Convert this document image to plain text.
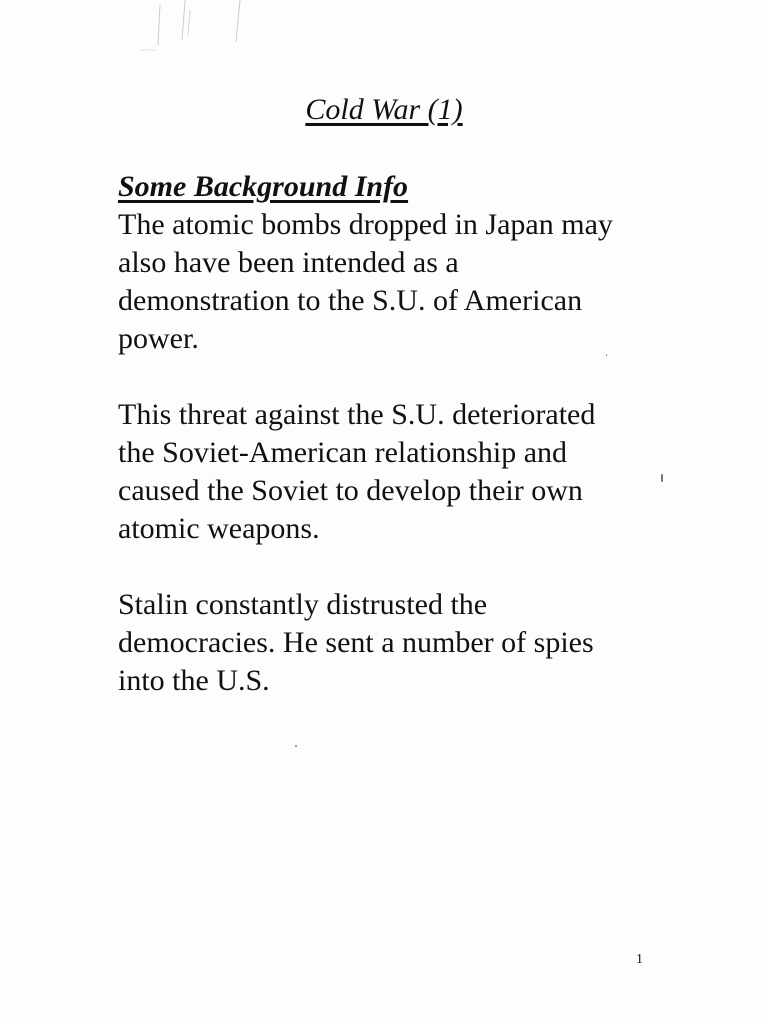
Cold War (1)
Some Background Info

The atomic bombs dropped in Japan may
also have been intended as a
demonstration to the S.U. of American
power.

This threat against the S.U. deteriorated
the Soviet-American relationship and
caused the Soviet to develop their own
atomic weapons.

Stalin constantly distrusted the
democracies. He sent a number of spies
into the U.S.

1
